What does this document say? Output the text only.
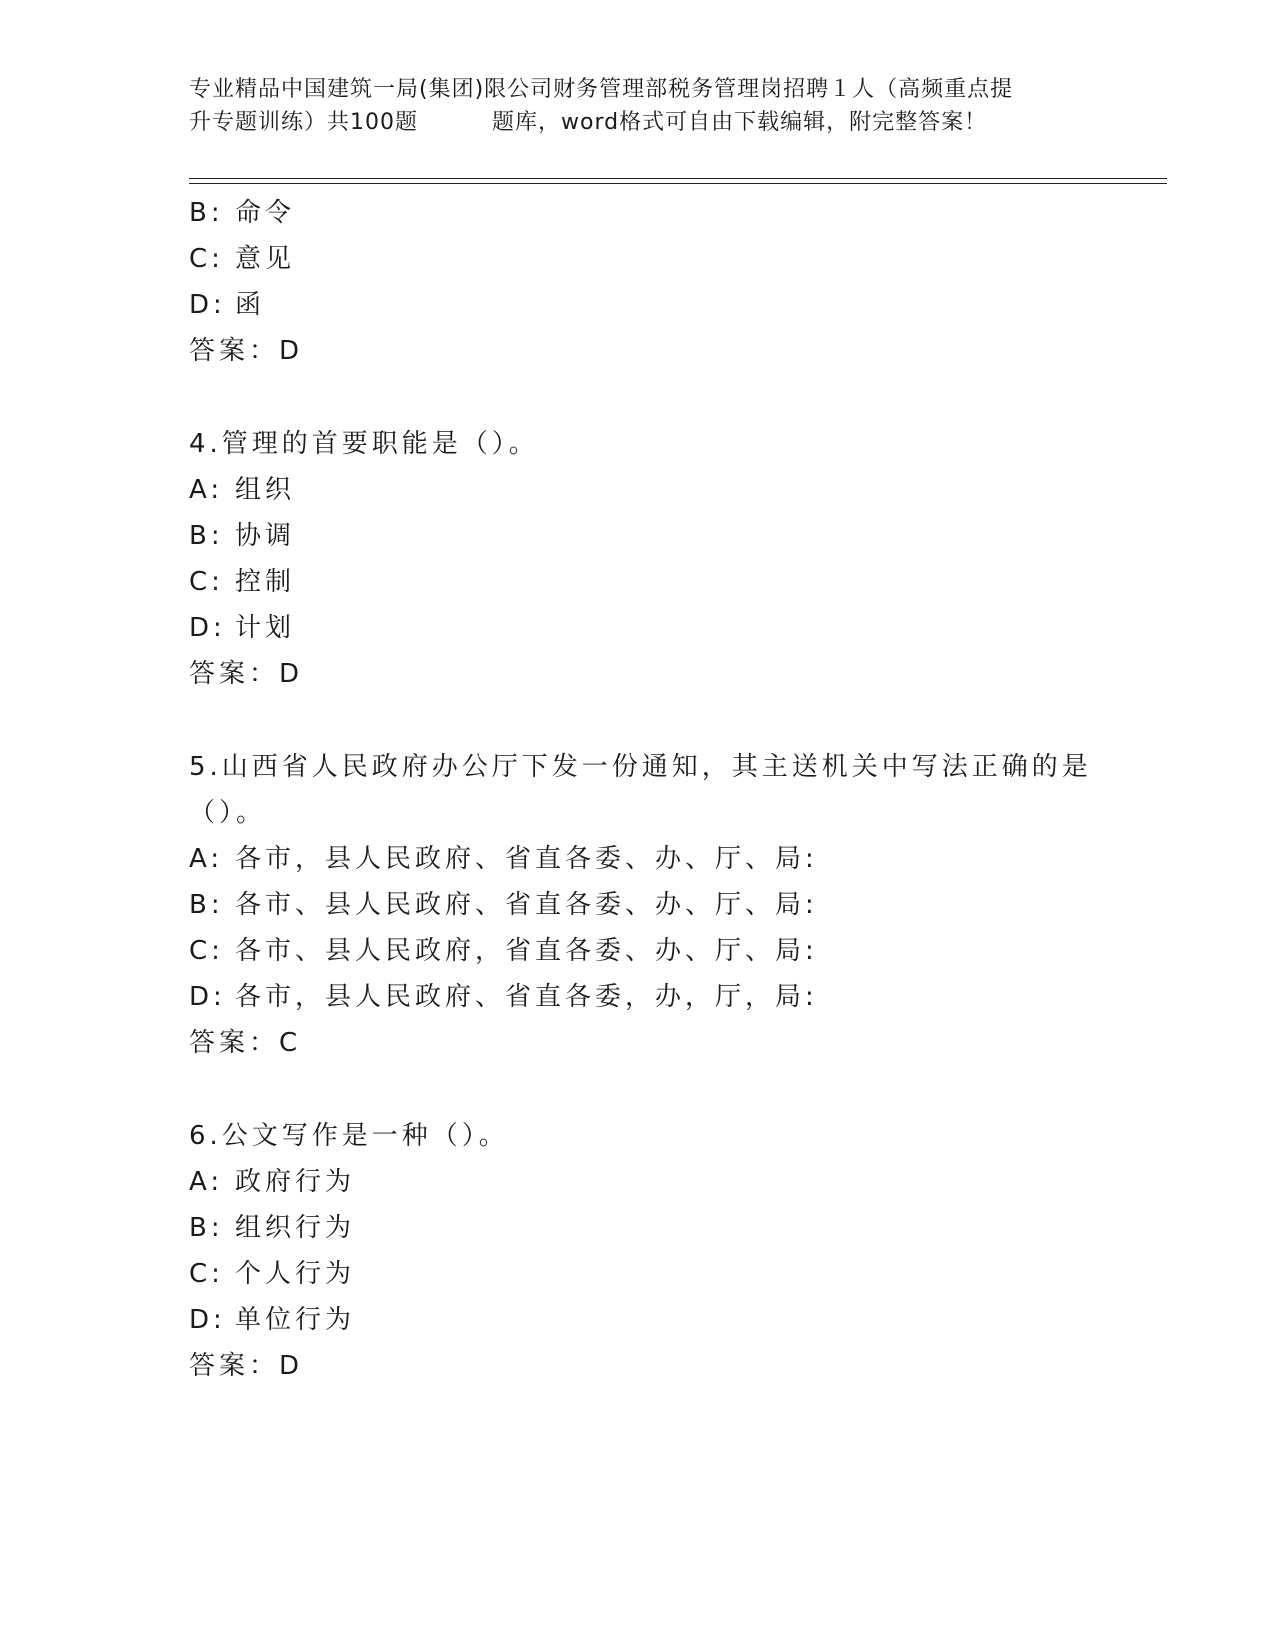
专业精品中国建筑一局(集团)限公司财务管理部税务管理岗招聘１人（高频重点提
升专题训练）共100题	题库，word格式可自由下载编辑，附完整答案！
B: 命令
C: 意见
D: 函
答案：D
4.管理的首要职能是（）。
A: 组织
B: 协调
C: 控制
D: 计划
答案：D
5.山西省人民政府办公厅下发一份通知，其主送机关中写法正确的是
（）。
A: 各市，县人民政府、省直各委、办、厅、局:
B: 各市、县人民政府、省直各委、办、厅、局:
C: 各市、县人民政府，省直各委、办、厅、局:
D: 各市，县人民政府、省直各委，办，厅，局:
答案：C
6.公文写作是一种（）。
A: 政府行为
B: 组织行为
C: 个人行为
D: 单位行为
答案：D
